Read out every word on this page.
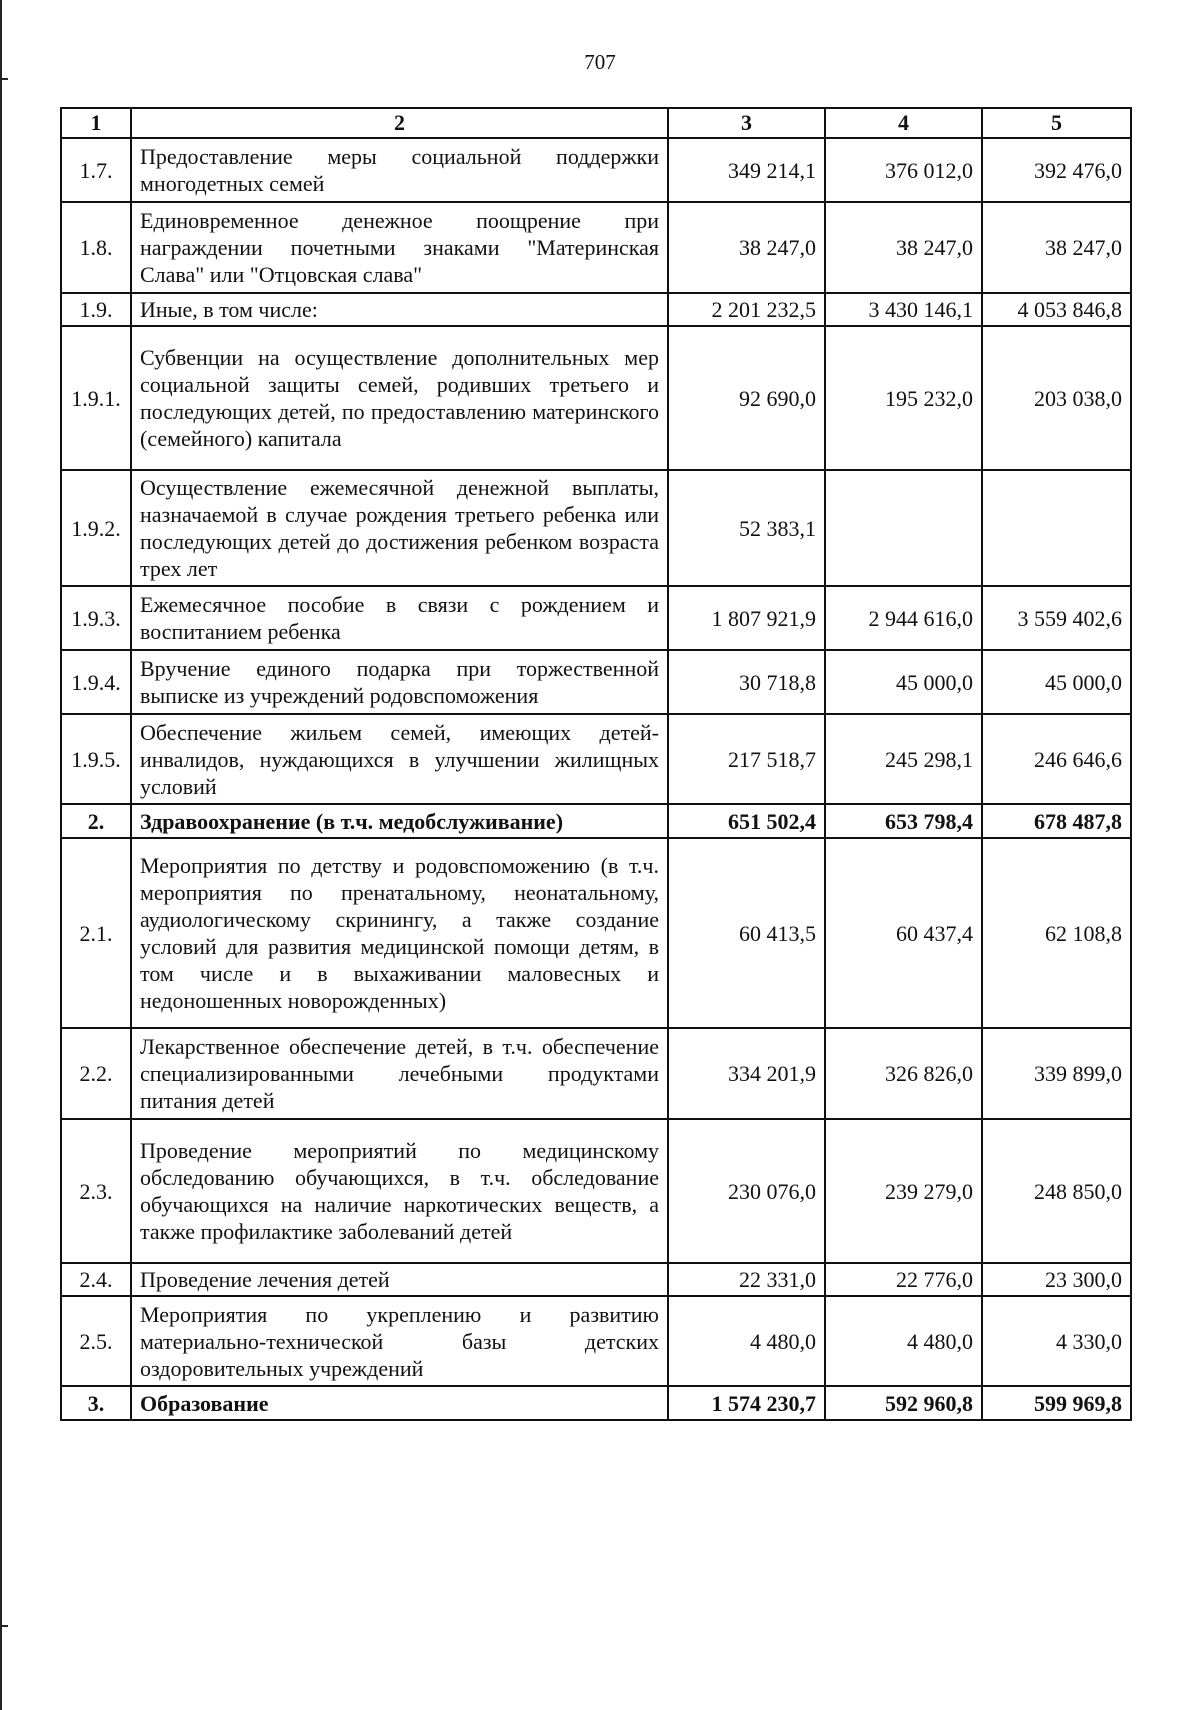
707
1	2	3	4	5
1.7.	Предоставление меры социальной поддержки многодетных семей	349 214,1	376 012,0	392 476,0
1.8.	Единовременное денежное поощрение при награждении почетными знаками "Материнская Слава" или "Отцовская слава"	38 247,0	38 247,0	38 247,0
1.9.	Иные, в том числе:	2 201 232,5	3 430 146,1	4 053 846,8
1.9.1.	Субвенции на осуществление дополнительных мер социальной защиты семей, родивших третьего и последующих детей, по предоставлению материнского (семейного) капитала	92 690,0	195 232,0	203 038,0
1.9.2.	Осуществление ежемесячной денежной выплаты, назначаемой в случае рождения третьего ребенка или последующих детей до достижения ребенком возраста трех лет	52 383,1		
1.9.3.	Ежемесячное пособие в связи с рождением и воспитанием ребенка	1 807 921,9	2 944 616,0	3 559 402,6
1.9.4.	Вручение единого подарка при торжественной выписке из учреждений родовспоможения	30 718,8	45 000,0	45 000,0
1.9.5.	Обеспечение жильем семей, имеющих детей-инвалидов, нуждающихся в улучшении жилищных условий	217 518,7	245 298,1	246 646,6
2.	Здравоохранение (в т.ч. медобслуживание)	651 502,4	653 798,4	678 487,8
2.1.	Мероприятия по детству и родовспоможению (в т.ч. мероприятия по пренатальному, неонатальному, аудиологическому скринингу, а также создание условий для развития медицинской помощи детям, в том числе и в выхаживании маловесных и недоношенных новорожденных)	60 413,5	60 437,4	62 108,8
2.2.	Лекарственное обеспечение детей, в т.ч. обеспечение специализированными лечебными продуктами питания детей	334 201,9	326 826,0	339 899,0
2.3.	Проведение мероприятий по медицинскому обследованию обучающихся, в т.ч. обследование обучающихся на наличие наркотических веществ, а также профилактике заболеваний детей	230 076,0	239 279,0	248 850,0
2.4.	Проведение лечения детей	22 331,0	22 776,0	23 300,0
2.5.	Мероприятия по укреплению и развитию материально-технической базы детских оздоровительных учреждений	4 480,0	4 480,0	4 330,0
3.	Образование	1 574 230,7	592 960,8	599 969,8
